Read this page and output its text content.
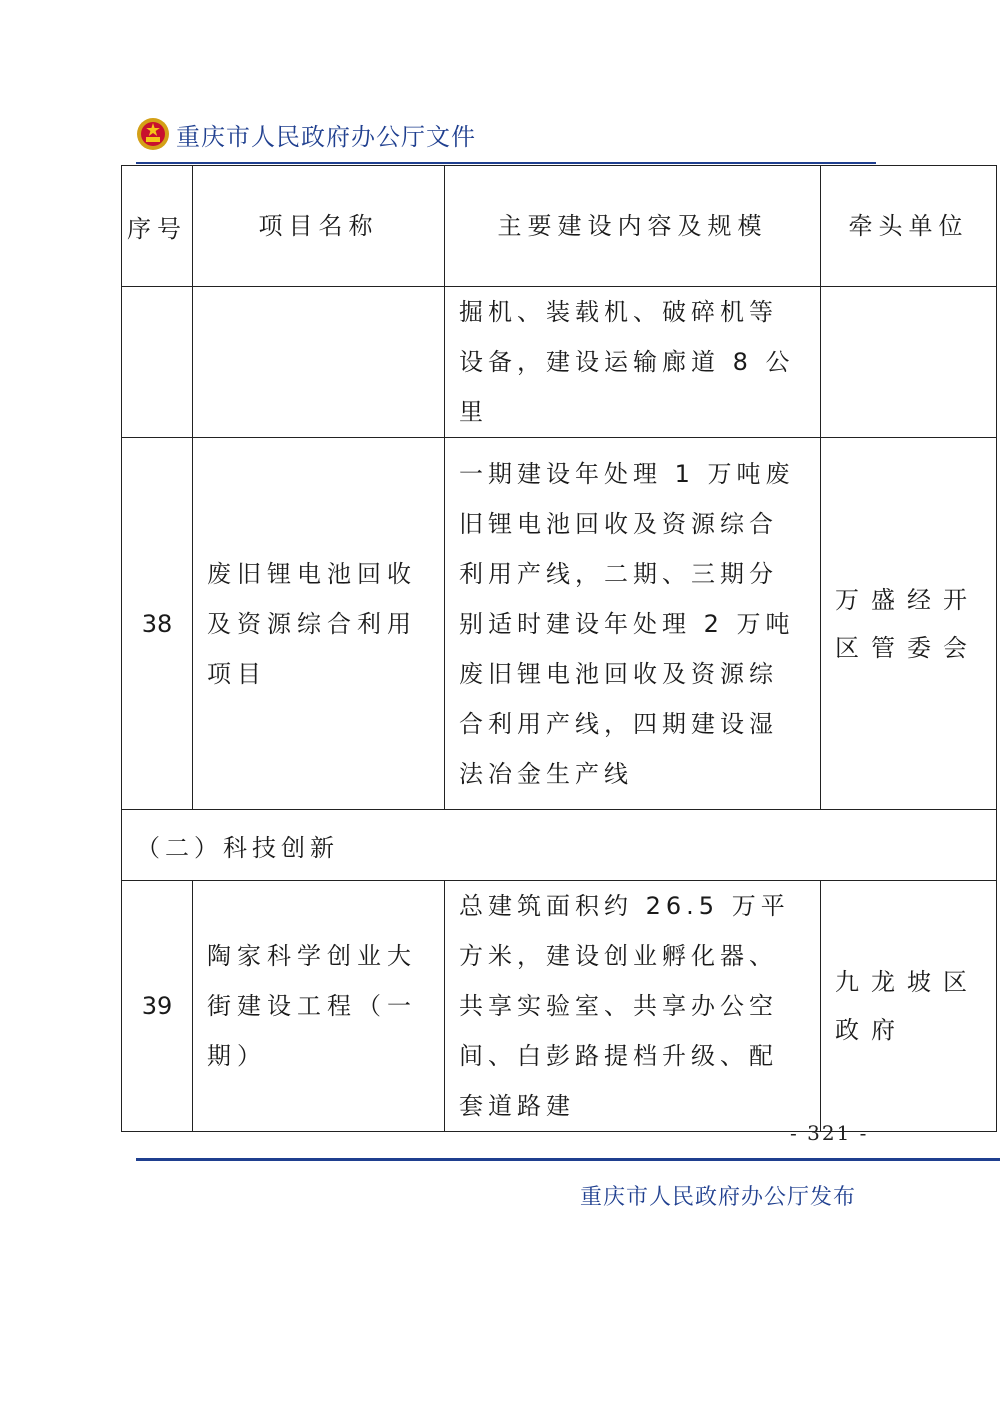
重庆市人民政府办公厅文件
序号	项目名称	主要建设内容及规模	牵头单位
		掘机、装载机、破碎机等设备，建设运输廊道 8 公里	
38	废旧锂电池回收及资源综合利用项目	一期建设年处理 1 万吨废旧锂电池回收及资源综合利用产线，二期、三期分别适时建设年处理 2 万吨废旧锂电池回收及资源综合利用产线，四期建设湿法冶金生产线	万盛经开区管委会
（二）科技创新			
39	陶家科学创业大街建设工程（一期）	总建筑面积约 26.5 万平方米，建设创业孵化器、共享实验室、共享办公空间、白彭路提档升级、配套道路建	九龙坡区政府
- 321 -
重庆市人民政府办公厅发布
